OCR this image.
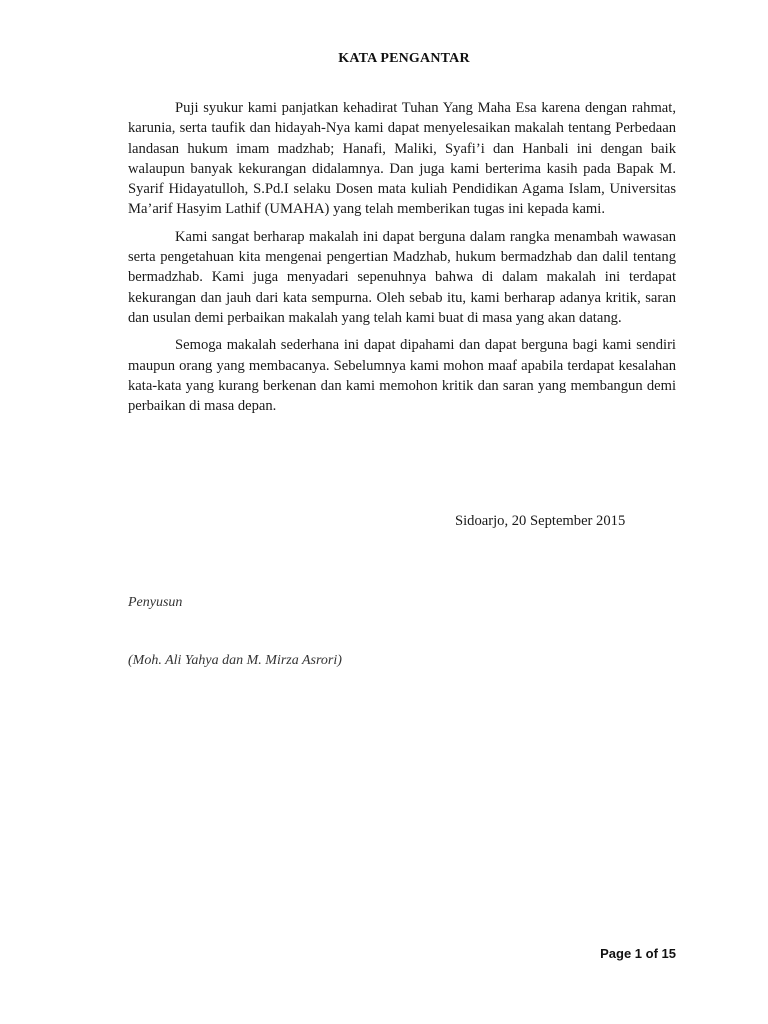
KATA PENGANTAR

Puji syukur kami panjatkan kehadirat Tuhan Yang Maha Esa karena dengan rahmat, karunia, serta taufik dan hidayah-Nya kami dapat menyelesaikan makalah tentang Perbedaan landasan hukum imam madzhab; Hanafi, Maliki, Syafi’i dan Hanbali ini dengan baik walaupun banyak kekurangan didalamnya. Dan juga kami berterima kasih pada Bapak M. Syarif Hidayatulloh, S.Pd.I selaku Dosen mata kuliah Pendidikan Agama Islam, Universitas Ma’arif Hasyim Lathif (UMAHA) yang telah memberikan tugas ini kepada kami.

Kami sangat berharap makalah ini dapat berguna dalam rangka menambah wawasan serta pengetahuan kita mengenai pengertian Madzhab, hukum bermadzhab dan dalil tentang bermadzhab. Kami juga menyadari sepenuhnya bahwa di dalam makalah ini terdapat kekurangan dan jauh dari kata sempurna. Oleh sebab itu, kami berharap adanya kritik, saran dan usulan demi perbaikan makalah yang telah kami buat di masa yang akan datang.

Semoga makalah sederhana ini dapat dipahami dan dapat berguna bagi kami sendiri maupun orang yang membacanya. Sebelumnya kami mohon maaf apabila terdapat kesalahan kata-kata yang kurang berkenan dan kami memohon kritik dan saran yang membangun demi perbaikan di masa depan.

Sidoarjo, 20 September 2015
Penyusun
(Moh. Ali Yahya dan M. Mirza Asrori)
Page 1 of 15
